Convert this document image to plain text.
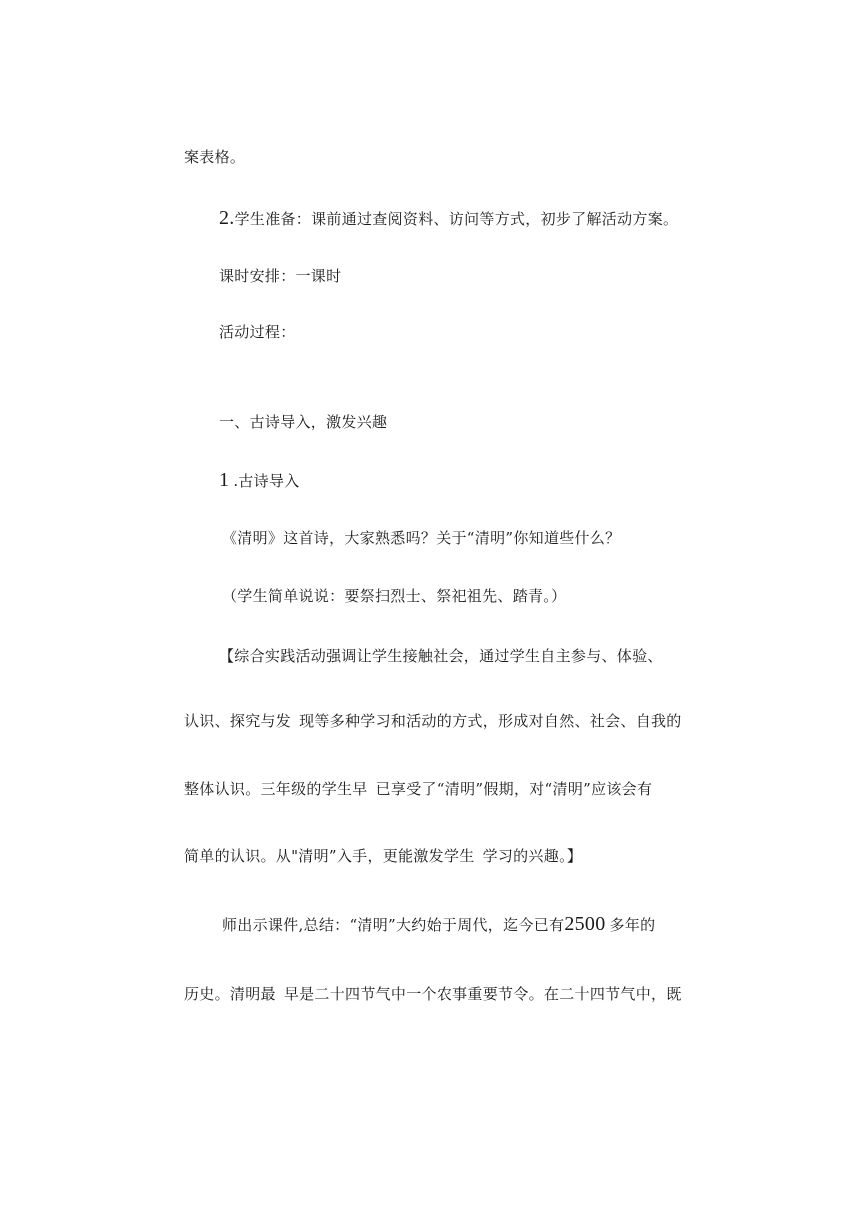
案表格。
2.学生准备：课前通过查阅资料、访问等方式，初步了解活动方案。
课时安排：一课时
活动过程：
一、古诗导入，激发兴趣
1 .古诗导入
《清明》这首诗，大家熟悉吗？关于“清明”你知道些什么？
（学生简单说说：要祭扫烈士、祭祀祖先、踏青。）
【综合实践活动强调让学生接触社会，通过学生自主参与、体验、
认识、探究与发 现等多种学习和活动的方式，形成对自然、社会、自我的
整体认识。三年级的学生早 已享受了“清明”假期，对“清明”应该会有
简单的认识。从"清明”入手，更能激发学生 学习的兴趣。】
师出示课件,总结：“清明”大约始于周代，迄今已有2500 多年的
历史。清明最 早是二十四节气中一个农事重要节令。在二十四节气中，既
